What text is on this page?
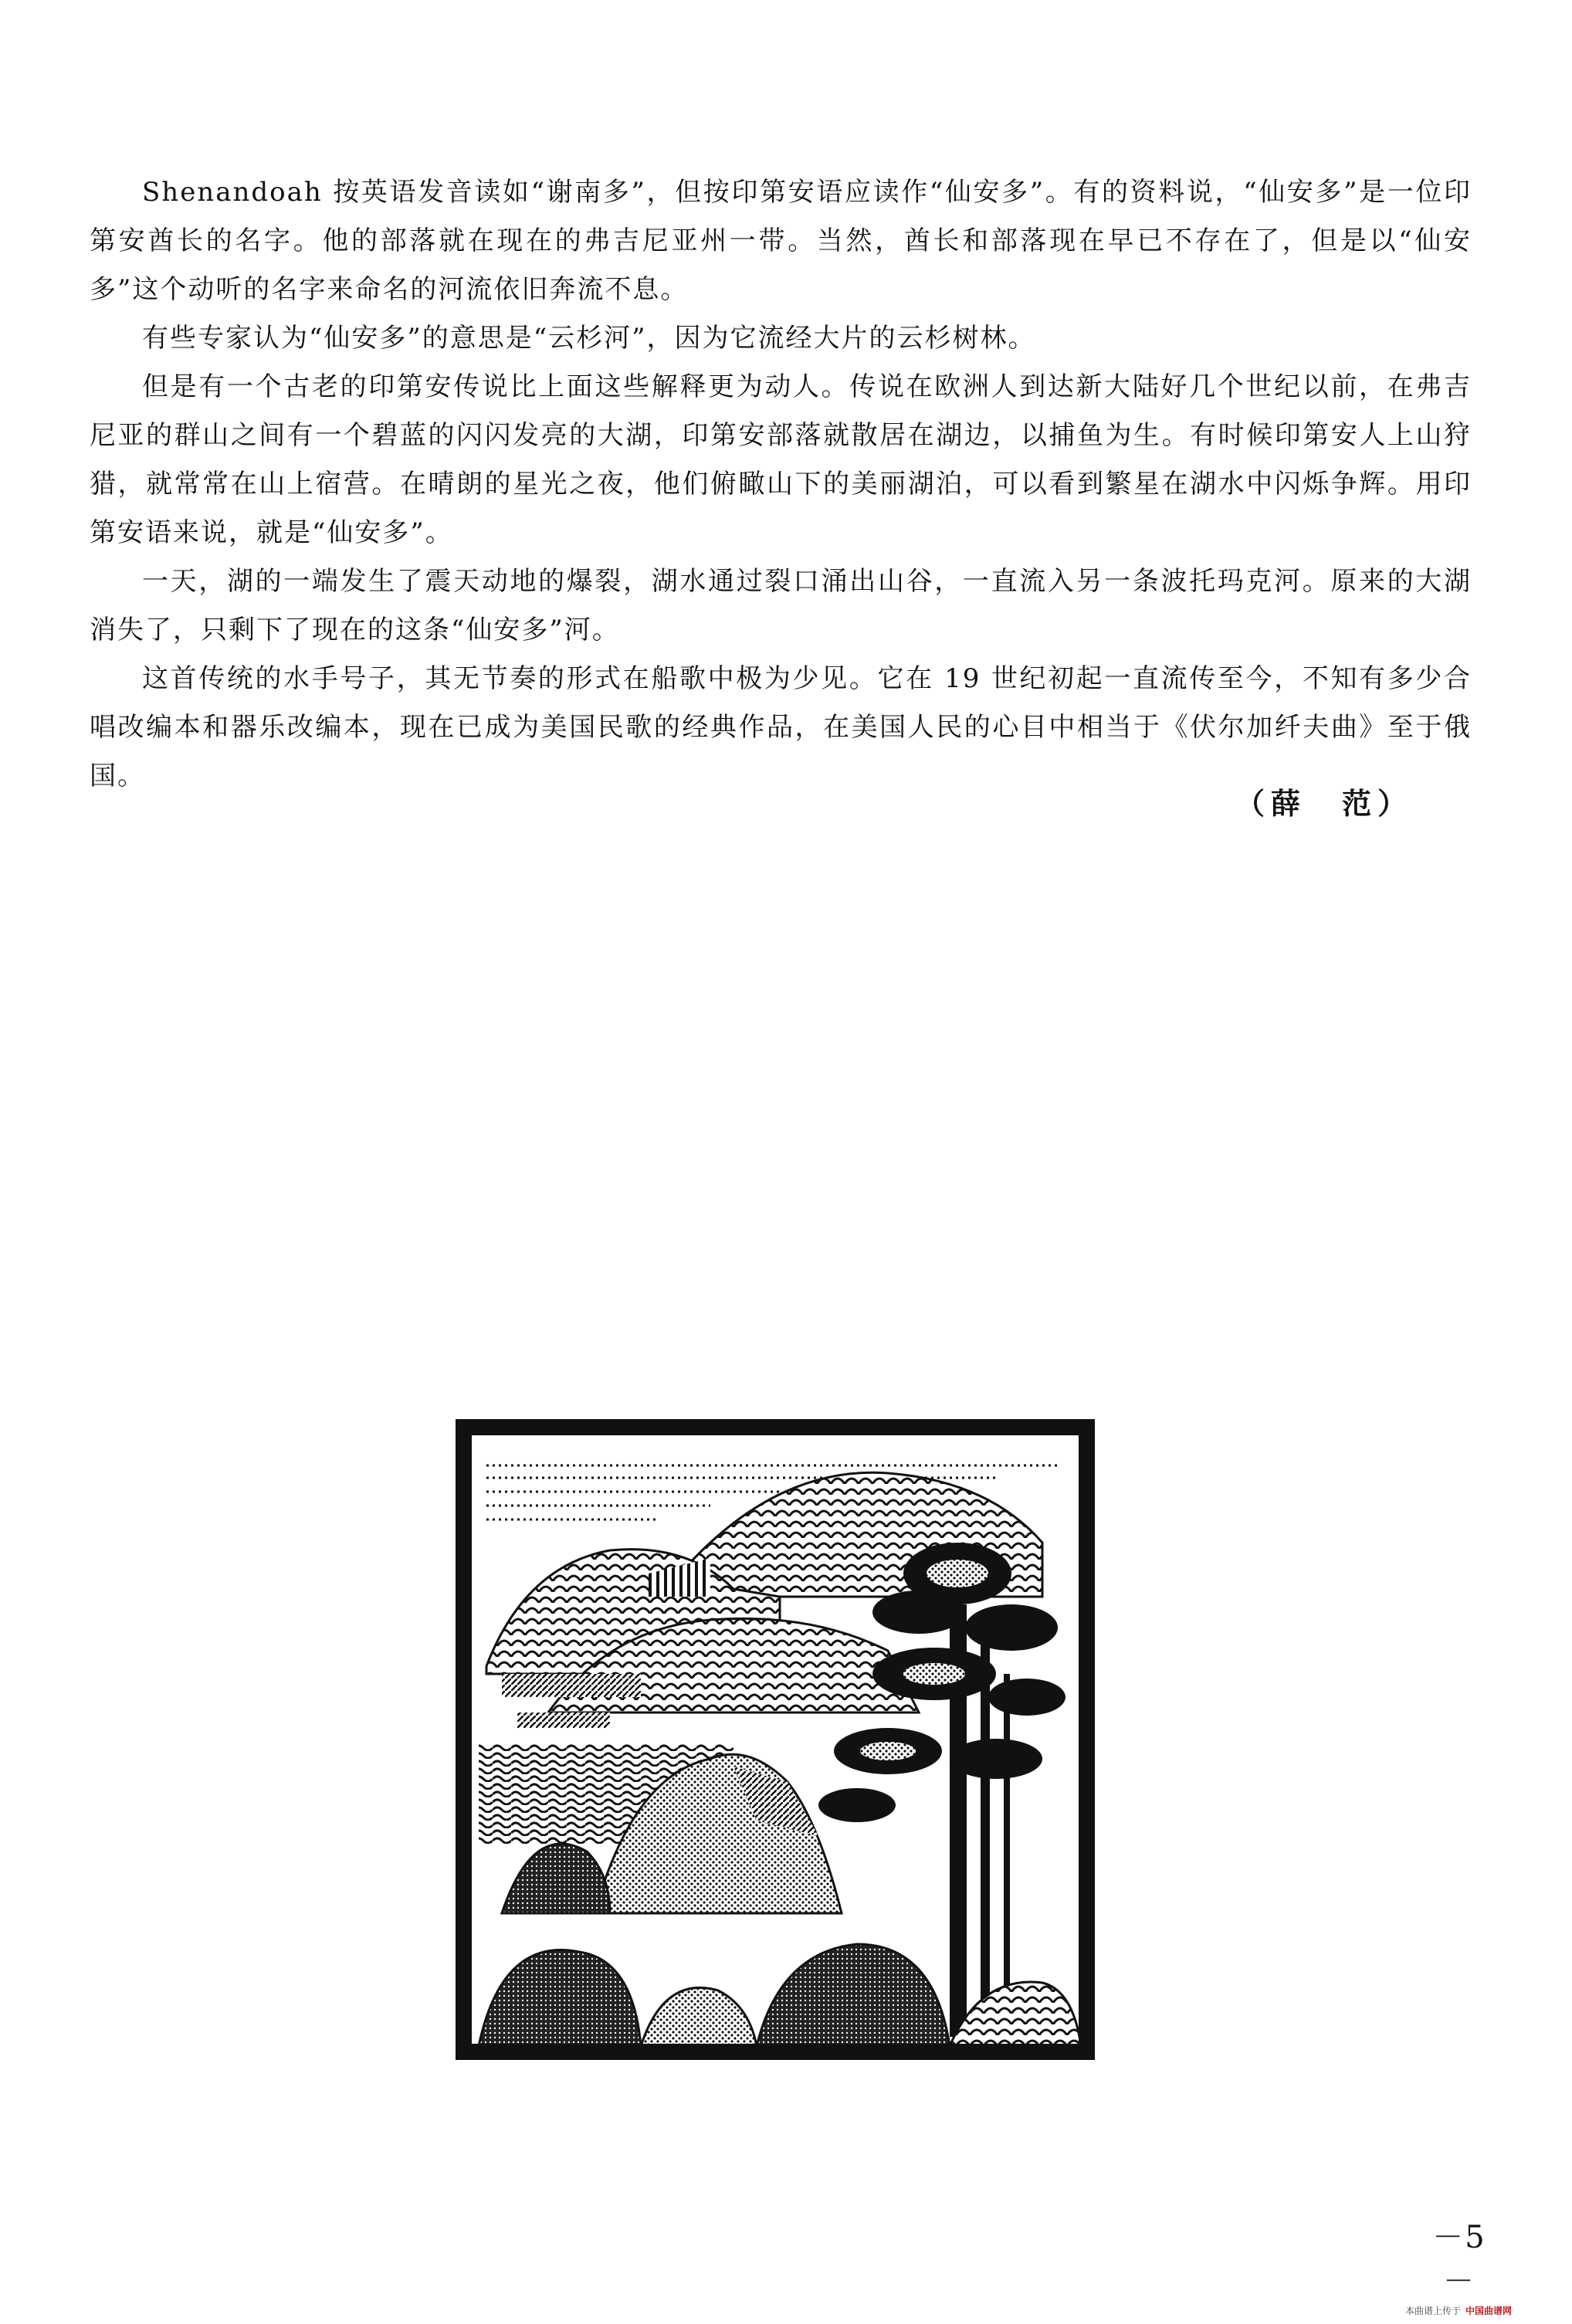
Shenandoah 按英语发音读如“谢南多”，但按印第安语应读作“仙安多”。有的资料说，“仙安多”是一位印第安酋长的名字。他的部落就在现在的弗吉尼亚州一带。当然，酋长和部落现在早已不存在了，但是以“仙安多”这个动听的名字来命名的河流依旧奔流不息。

有些专家认为“仙安多”的意思是“云杉河”，因为它流经大片的云杉树林。

但是有一个古老的印第安传说比上面这些解释更为动人。传说在欧洲人到达新大陆好几个世纪以前，在弗吉尼亚的群山之间有一个碧蓝的闪闪发亮的大湖，印第安部落就散居在湖边，以捕鱼为生。有时候印第安人上山狩猎，就常常在山上宿营。在晴朗的星光之夜，他们俯瞰山下的美丽湖泊，可以看到繁星在湖水中闪烁争辉。用印第安语来说，就是“仙安多”。

一天，湖的一端发生了震天动地的爆裂，湖水通过裂口涌出山谷，一直流入另一条波托玛克河。原来的大湖消失了，只剩下了现在的这条“仙安多”河。

这首传统的水手号子，其无节奏的形式在船歌中极为少见。它在 19 世纪初起一直流传至今，不知有多少合唱改编本和器乐改编本，现在已成为美国民歌的经典作品，在美国人民的心目中相当于《伏尔加纤夫曲》至于俄国。

（薛　范）
－5－
本曲谱上传于 中国曲谱网
